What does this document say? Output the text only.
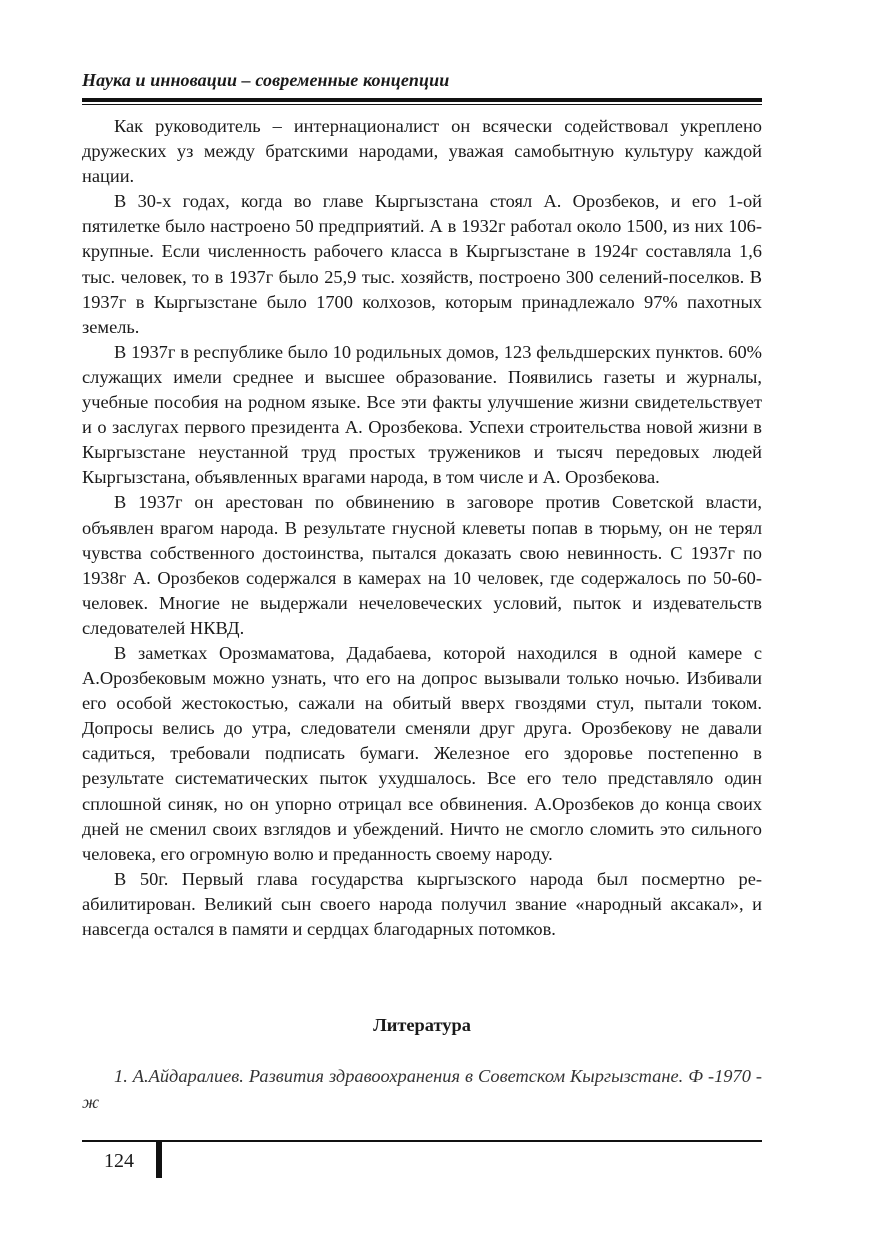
Наука и инновации – современные концепции

Как руководитель – интернационалист он всячески содействовал укреплено дружеских уз между братскими народами, уважая самобытную культуру каждой нации.

В 30-х годах, когда во главе Кыргызстана стоял А. Орозбеков, и его 1-ой пятилетке было настроено 50 предприятий. А в 1932г работал около 1500, из них 106-крупные. Если численность рабочего класса в Кыргызстане в 1924г составляла 1,6 тыс. человек, то в 1937г было 25,9 тыс. хозяйств, построено 300 селений-поселков. В 1937г в Кыргызстане было 1700 колхозов, которым принадлежало 97% пахотных земель.

В 1937г в республике было 10 родильных домов, 123 фельдшерских пунктов. 60% служащих имели среднее и высшее образование. Появились газеты и журналы, учебные пособия на родном языке. Все эти факты улучшение жизни свидетельствует и о заслугах первого президента А. Орозбекова. Успехи строительства новой жизни в Кыргызстане неустанной труд простых тружеников и тысяч передовых людей Кыргызстана, объявленных врагами народа, в том числе и А. Орозбекова.

В 1937г он арестован по обвинению в заговоре против Советской власти, объявлен врагом народа. В результате гнусной клеветы попав в тюрьму, он не терял чувства собственного достоинства, пытался доказать свою невинность. С 1937г по 1938г А. Орозбеков содержался в камерах на 10 человек, где содержалось по 50-60- человек. Многие не выдержали нечеловеческих условий, пыток и издевательств следователей НКВД.

В заметках Орозмаматова, Дадабаева, которой находился в одной камере с А.Орозбековым можно узнать, что его на допрос вызывали только ночью. Избивали его особой жестокостью, сажали на обитый вверх гвоздями стул, пытали током. Допросы велись до утра, следователи сменяли друг друга. Орозбекову не давали садиться, требовали подписать бумаги. Железное его здоровье постепенно в результате систематических пыток ухудшалось. Все его тело представляло один сплошной синяк, но он упорно отрицал все обвинения. А.Орозбеков до конца своих дней не сменил своих взглядов и убеждений. Ничто не смогло сломить это сильного человека, его огромную волю и преданность своему народу.

В 50г. Первый глава государства кыргызского народа был посмертно реабилитирован. Великий сын своего народа получил звание «народный аксакал», и навсегда остался в памяти и сердцах благодарных потомков.

Литература

1. А.Айдаралиев. Развития здравоохранения в Советском Кыргызстане. Ф -1970 - ж

124
